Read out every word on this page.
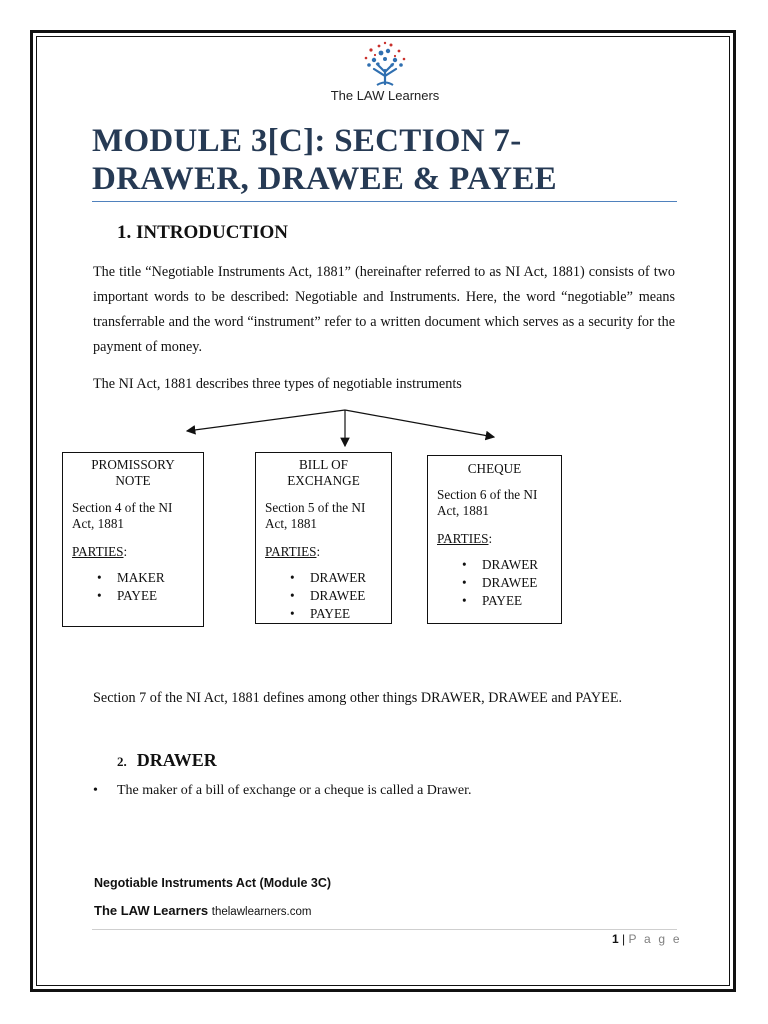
The LAW Learners
MODULE 3[C]: SECTION 7-
DRAWER, DRAWEE & PAYEE
1. INTRODUCTION
The title “Negotiable Instruments Act, 1881” (hereinafter referred to as NI Act, 1881) consists of two important words to be described: Negotiable and Instruments. Here, the word “negotiable” means transferrable and the word “instrument” refer to a written document which serves as a security for the payment of money.
The NI Act, 1881 describes three types of negotiable instruments
PROMISSORY
NOTE
Section 4 of the NI Act, 1881
PARTIES:
• MAKER
• PAYEE
BILL OF
EXCHANGE
Section 5 of the NI Act, 1881
PARTIES:
• DRAWER
• DRAWEE
• PAYEE
CHEQUE
Section 6 of the NI Act, 1881
PARTIES:
• DRAWER
• DRAWEE
• PAYEE
Section 7 of the NI Act, 1881 defines among other things DRAWER, DRAWEE and PAYEE.
2. DRAWER
• The maker of a bill of exchange or a cheque is called a Drawer.
Negotiable Instruments Act (Module 3C)
The LAW Learners thelawlearners.com
1 | P a g e
